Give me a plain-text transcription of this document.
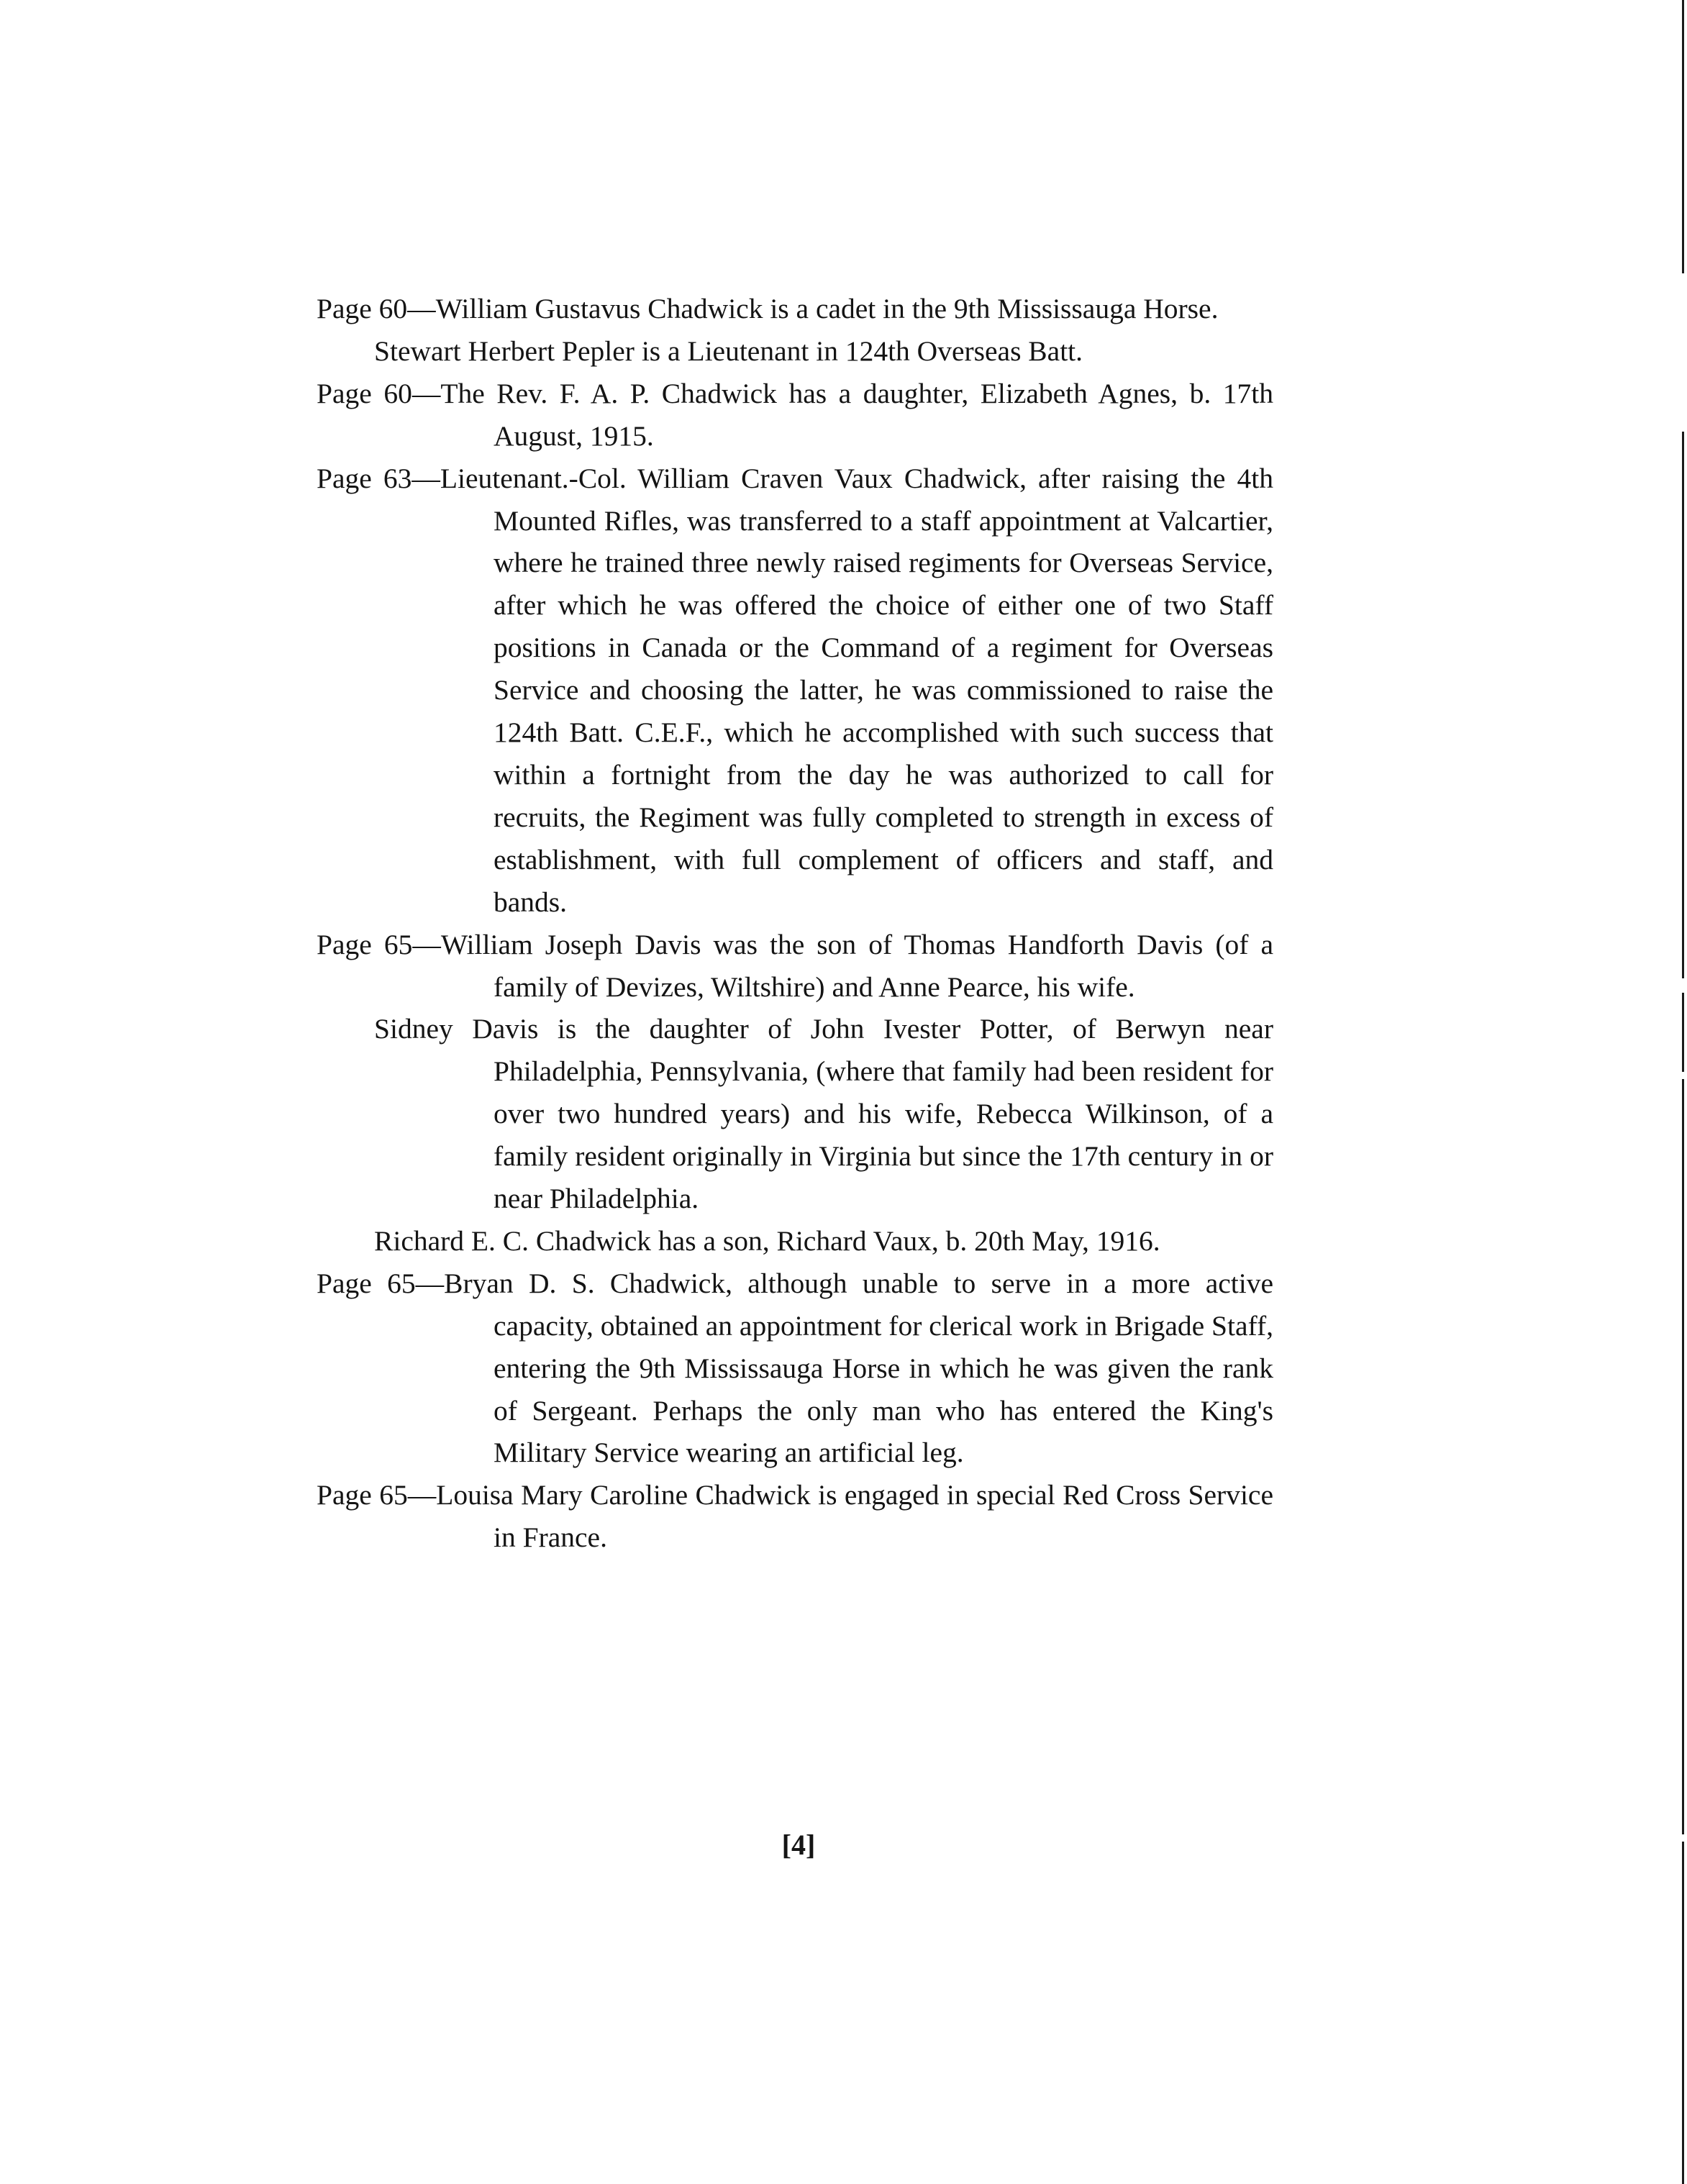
Page 60—William Gustavus Chadwick is a cadet in the 9th Mississauga Horse.

Stewart Herbert Pepler is a Lieutenant in 124th Overseas Batt.

Page 60—The Rev. F. A. P. Chadwick has a daughter, Elizabeth Agnes, b. 17th August, 1915.

Page 63—Lieutenant.-Col. William Craven Vaux Chadwick, after raising the 4th Mounted Rifles, was transferred to a staff appointment at Valcartier, where he trained three newly raised regiments for Overseas Service, after which he was offered the choice of either one of two Staff positions in Canada or the Command of a regiment for Overseas Service and choosing the latter, he was commissioned to raise the 124th Batt. C.E.F., which he accomplished with such success that within a fortnight from the day he was authorized to call for recruits, the Regiment was fully completed to strength in excess of establishment, with full complement of officers and staff, and bands.

Page 65—William Joseph Davis was the son of Thomas Handforth Davis (of a family of Devizes, Wiltshire) and Anne Pearce, his wife.

Sidney Davis is the daughter of John Ivester Potter, of Berwyn near Philadelphia, Pennsylvania, (where that family had been resident for over two hundred years) and his wife, Rebecca Wilkinson, of a family resident originally in Virginia but since the 17th century in or near Philadelphia.

Richard E. C. Chadwick has a son, Richard Vaux, b. 20th May, 1916.

Page 65—Bryan D. S. Chadwick, although unable to serve in a more active capacity, obtained an appointment for clerical work in Brigade Staff, entering the 9th Mississauga Horse in which he was given the rank of Sergeant. Perhaps the only man who has entered the King's Military Service wearing an artificial leg.

Page 65—Louisa Mary Caroline Chadwick is engaged in special Red Cross Service in France.

[4]
